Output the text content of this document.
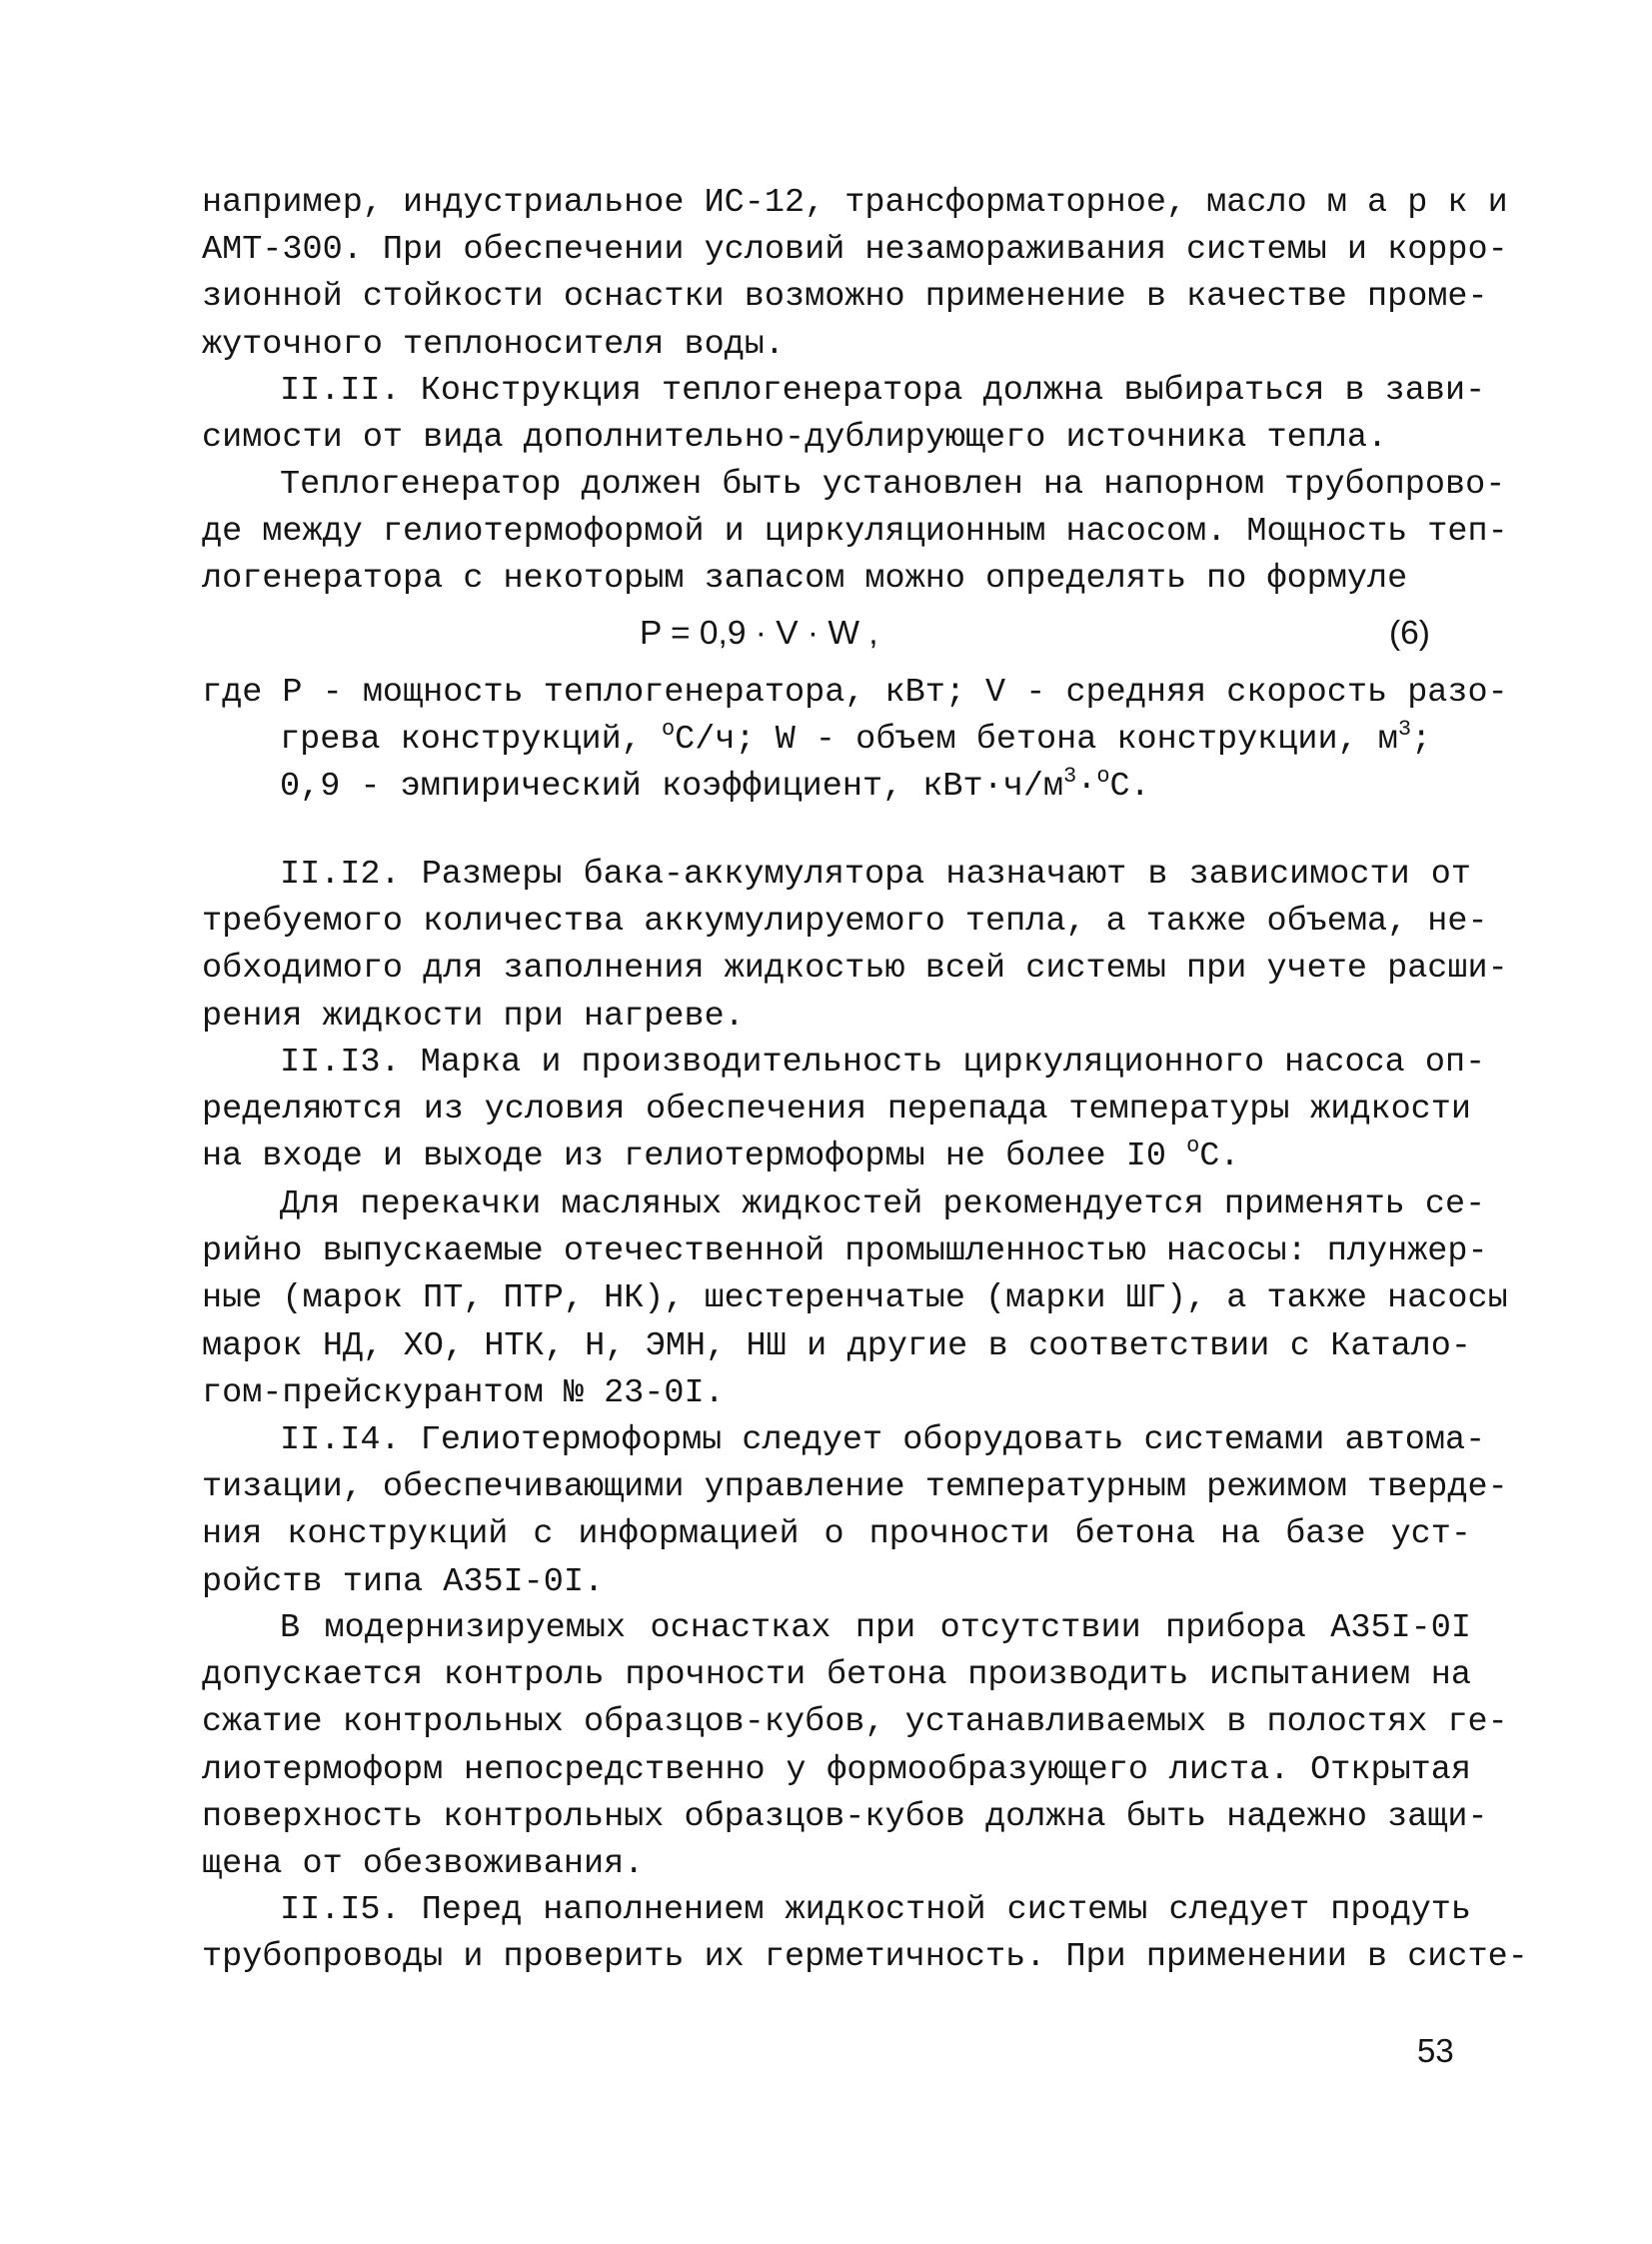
например, индустриальное ИС-12, трансформаторное, масло м а р к и
АМТ-300. При обеспечении условий незамораживания системы и корро-
зионной стойкости оснастки возможно применение в качестве проме-
жуточного теплоносителя воды.
II.II. Конструкция теплогенератора должна выбираться в зави-
симости от вида дополнительно-дублирующего источника тепла.
Теплогенератор должен быть установлен на напорном трубопрово-
де между гелиотермоформой и циркуляционным насосом. Мощность теп-
логенератора с некоторым запасом можно определять по формуле
P = 0,9 · V · W ,	(6)
где P - мощность теплогенератора, кВт; V - средняя скорость разо-
грева конструкций, $^о$С/ч; W - объем бетона конструкции, $м^3$;
0,9 - эмпирический коэффициент, $кВт\cdot ч/м^3\cdot^оС$.
II.I2. Размеры бака-аккумулятора назначают в зависимости от
требуемого количества аккумулируемого тепла, а также объема, не-
обходимого для заполнения жидкостью всей системы при учете расши-
рения жидкости при нагреве.
II.I3. Марка и производительность циркуляционного насоса оп-
ределяются из условия обеспечения перепада температуры жидкости
на входе и выходе из гелиотермоформы не более I0 $^о$С.
Для перекачки масляных жидкостей рекомендуется применять се-
рийно выпускаемые отечественной промышленностью насосы: плунжер-
ные (марок ПТ, ПТР, НК), шестеренчатые (марки ШГ), а также насосы
марок НД, ХО, НТК, Н, ЭМН, НШ и другие в соответствии с Катало-
гом-прейскурантом № 23-0I.
II.I4. Гелиотермоформы следует оборудовать системами автома-
тизации, обеспечивающими управление температурным режимом тверде-
ния конструкций с информацией о прочности бетона на базе уст-
ройств типа А35I-0I.
В модернизируемых оснастках при отсутствии прибора А35I-0I
допускается контроль прочности бетона производить испытанием на
сжатие контрольных образцов-кубов, устанавливаемых в полостях ге-
лиотермоформ непосредственно у формообразующего листа. Открытая
поверхность контрольных образцов-кубов должна быть надежно защи-
щена от обезвоживания.
II.I5. Перед наполнением жидкостной системы следует продуть
трубопроводы и проверить их герметичность. При применении в систе-
53
